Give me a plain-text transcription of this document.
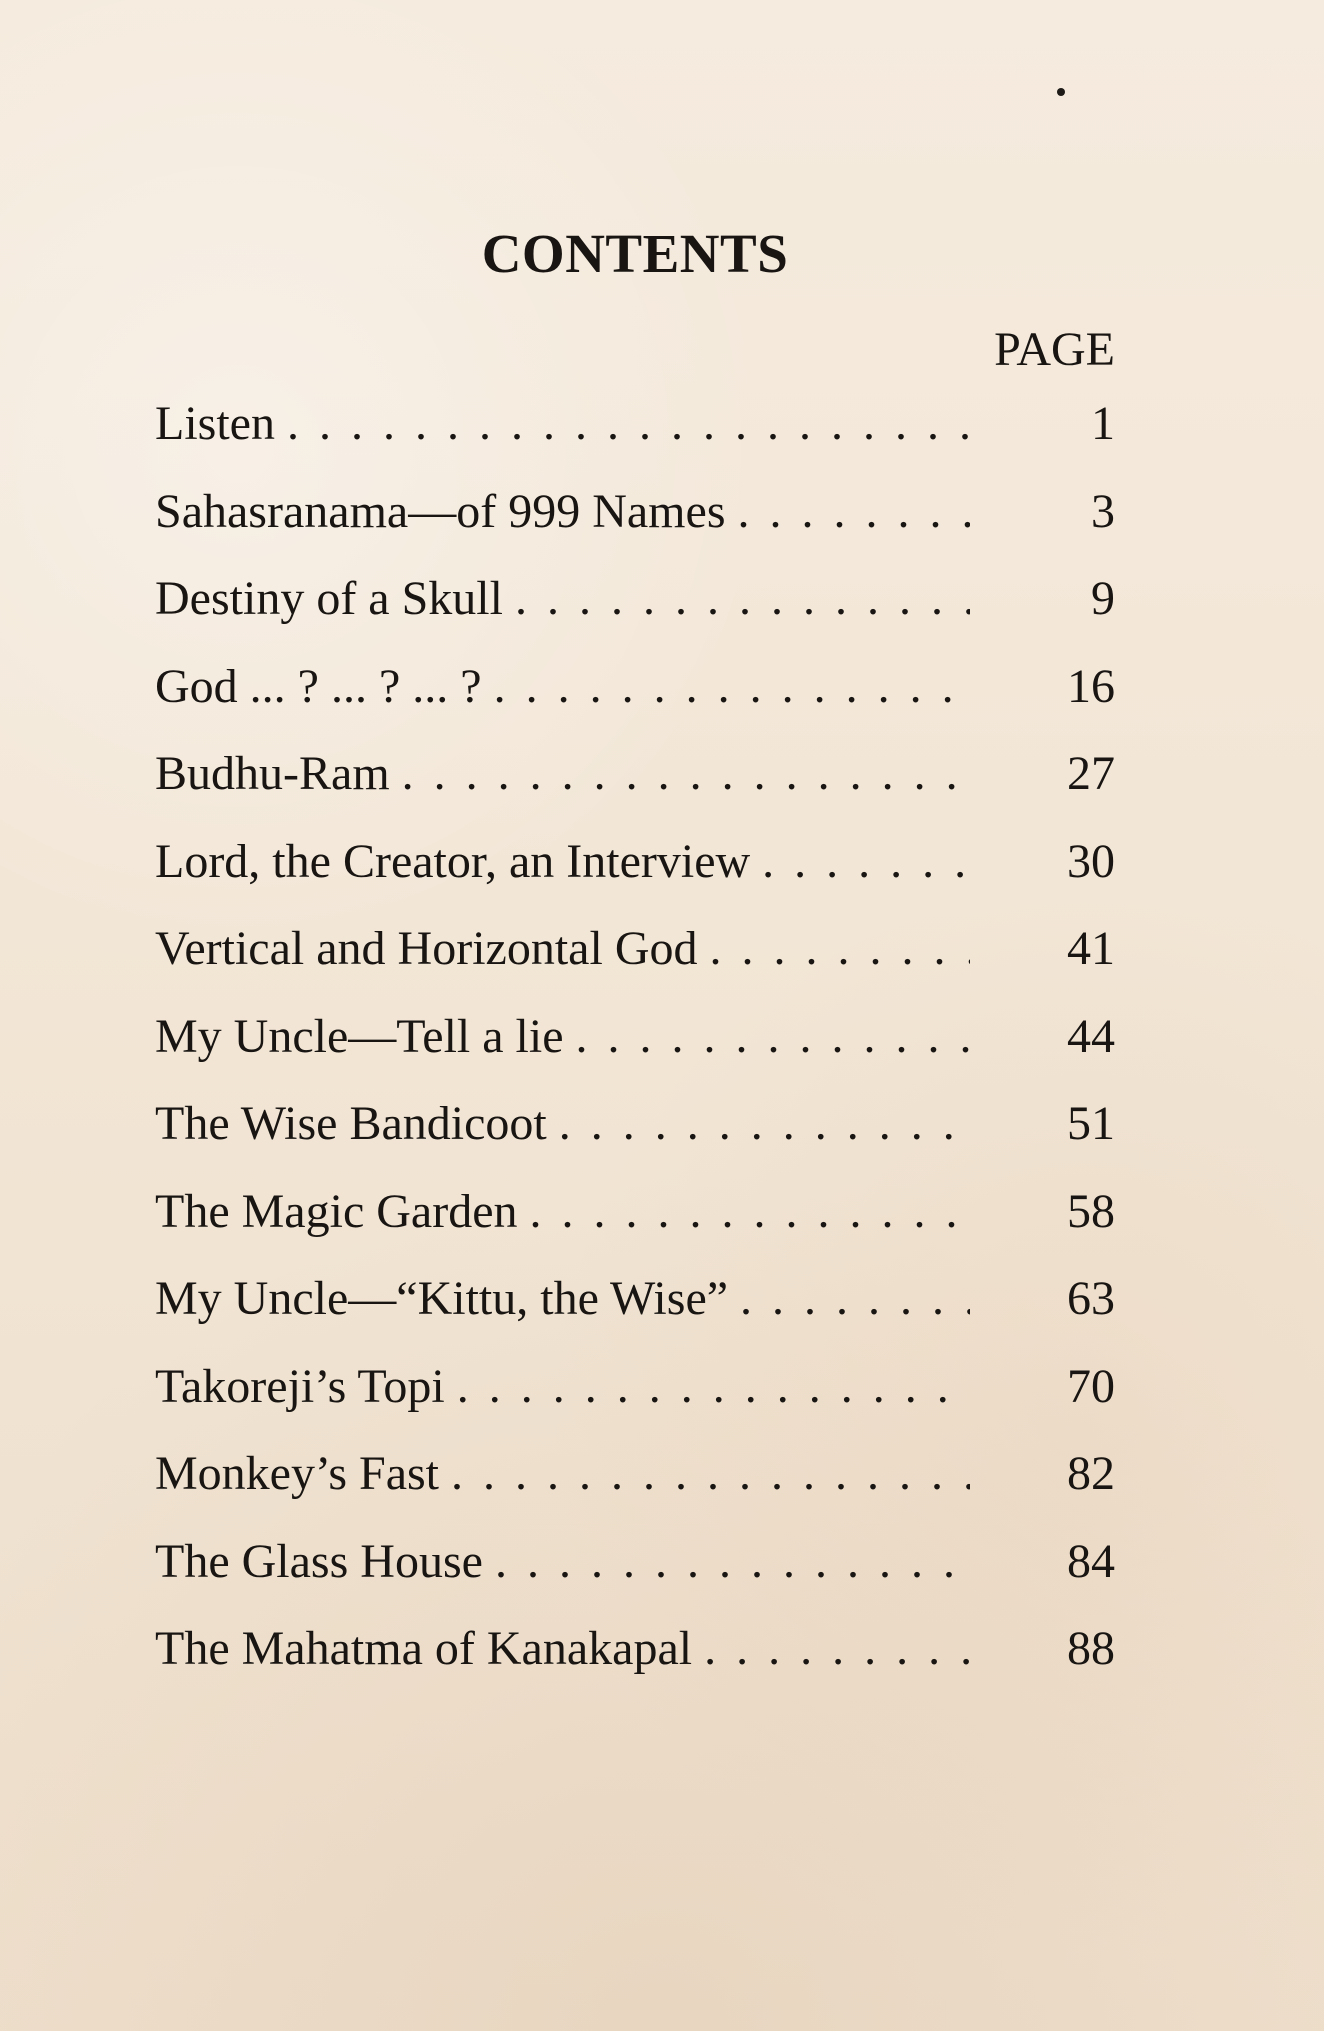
CONTENTS
PAGE
Listen . . .	1
Sahasranama—of 999 Names . . .	3
Destiny of a Skull . . .	9
God ... ? ... ? ... ? . . .	16
Budhu-Ram . . .	27
Lord, the Creator, an Interview . . .	30
Vertical and Horizontal God . . .	41
My Uncle—Tell a lie . . .	44
The Wise Bandicoot . . .	51
The Magic Garden . . .	58
My Uncle—“Kittu, the Wise” . . .	63
Takoreji’s Topi . . .	70
Monkey’s Fast . . .	82
The Glass House . . .	84
The Mahatma of Kanakapal . . .	88
